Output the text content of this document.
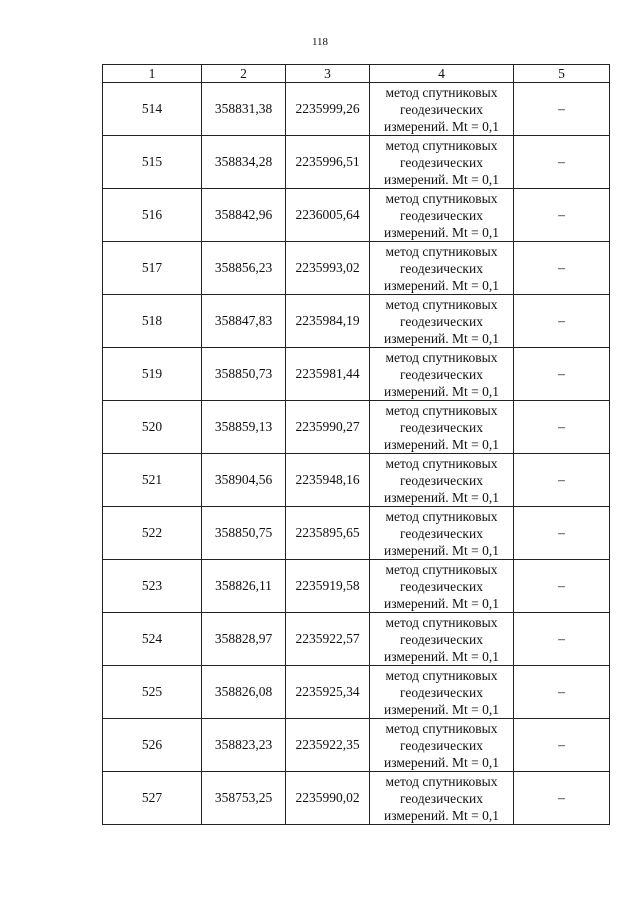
118
1	2	3	4	5
514	358831,38	2235999,26	метод спутниковых
геодезических
измерений. Mt = 0,1	–
515	358834,28	2235996,51	метод спутниковых
геодезических
измерений. Mt = 0,1	–
516	358842,96	2236005,64	метод спутниковых
геодезических
измерений. Mt = 0,1	–
517	358856,23	2235993,02	метод спутниковых
геодезических
измерений. Mt = 0,1	–
518	358847,83	2235984,19	метод спутниковых
геодезических
измерений. Mt = 0,1	–
519	358850,73	2235981,44	метод спутниковых
геодезических
измерений. Mt = 0,1	–
520	358859,13	2235990,27	метод спутниковых
геодезических
измерений. Mt = 0,1	–
521	358904,56	2235948,16	метод спутниковых
геодезических
измерений. Mt = 0,1	–
522	358850,75	2235895,65	метод спутниковых
геодезических
измерений. Mt = 0,1	–
523	358826,11	2235919,58	метод спутниковых
геодезических
измерений. Mt = 0,1	–
524	358828,97	2235922,57	метод спутниковых
геодезических
измерений. Mt = 0,1	–
525	358826,08	2235925,34	метод спутниковых
геодезических
измерений. Mt = 0,1	–
526	358823,23	2235922,35	метод спутниковых
геодезических
измерений. Mt = 0,1	–
527	358753,25	2235990,02	метод спутниковых
геодезических
измерений. Mt = 0,1	–
